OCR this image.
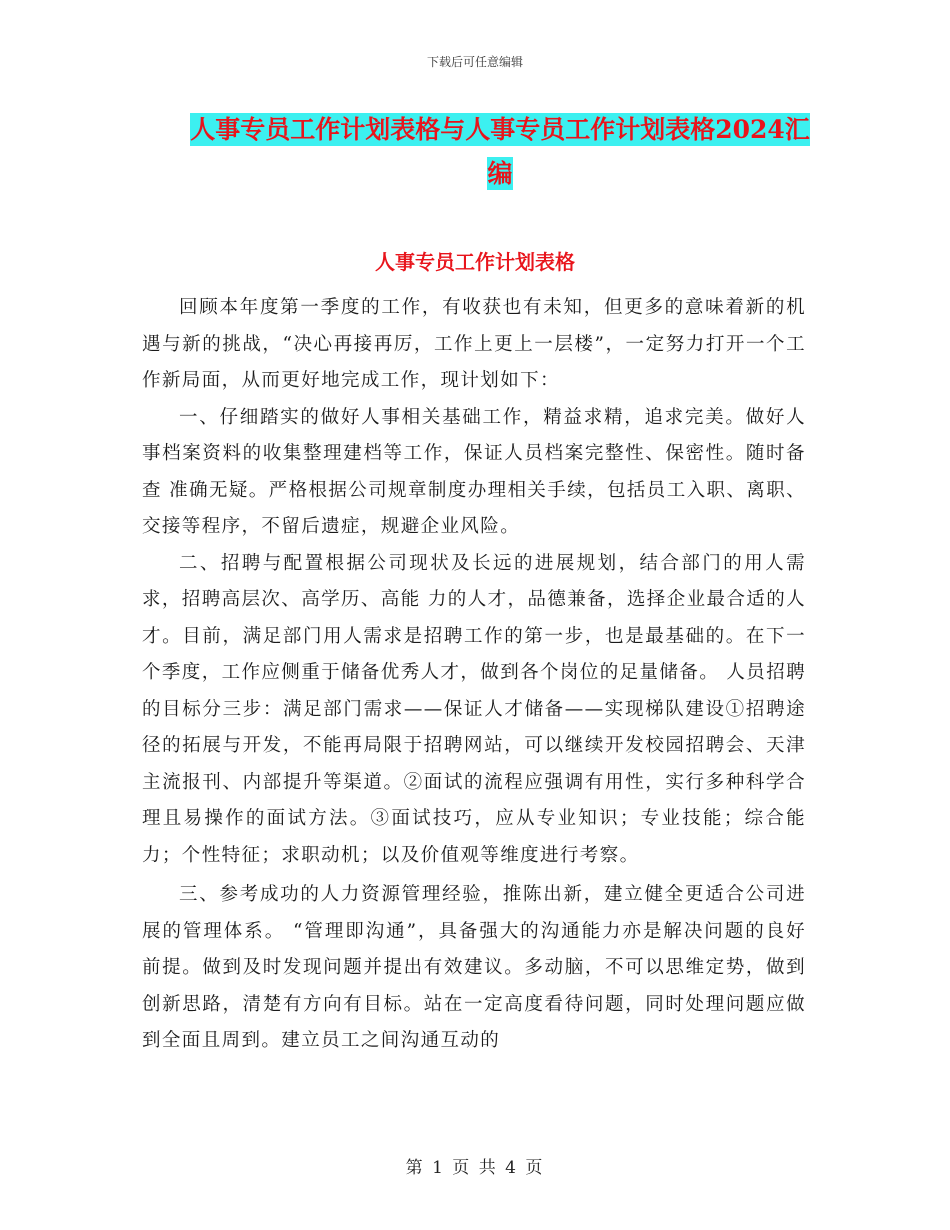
下载后可任意编辑
人事专员工作计划表格与人事专员工作计划表格2024汇编
人事专员工作计划表格

回顾本年度第一季度的工作，有收获也有未知，但更多的意味着新的机遇与新的挑战，“决心再接再厉，工作上更上一层楼”，一定努力打开一个工作新局面，从而更好地完成工作，现计划如下：

一、仔细踏实的做好人事相关基础工作，精益求精，追求完美。做好人事档案资料的收集整理建档等工作，保证人员档案完整性、保密性。随时备查 准确无疑。严格根据公司规章制度办理相关手续，包括员工入职、离职、交接等程序，不留后遗症，规避企业风险。

二、招聘与配置根据公司现状及长远的进展规划，结合部门的用人需求，招聘高层次、高学历、高能 力的人才，品德兼备，选择企业最合适的人才。目前，满足部门用人需求是招聘工作的第一步，也是最基础的。在下一个季度，工作应侧重于储备优秀人才，做到各个岗位的足量储备。 人员招聘的目标分三步：满足部门需求——保证人才储备——实现梯队建设①招聘途径的拓展与开发，不能再局限于招聘网站，可以继续开发校园招聘会、天津主流报刊、内部提升等渠道。②面试的流程应强调有用性，实行多种科学合理且易操作的面试方法。③面试技巧，应从专业知识；专业技能；综合能力；个性特征；求职动机；以及价值观等维度进行考察。

三、参考成功的人力资源管理经验，推陈出新，建立健全更适合公司进展的管理体系。 “管理即沟通”，具备强大的沟通能力亦是解决问题的良好前提。做到及时发现问题并提出有效建议。多动脑，不可以思维定势，做到创新思路，清楚有方向有目标。站在一定高度看待问题，同时处理问题应做到全面且周到。建立员工之间沟通互动的

第 1 页 共 4 页
